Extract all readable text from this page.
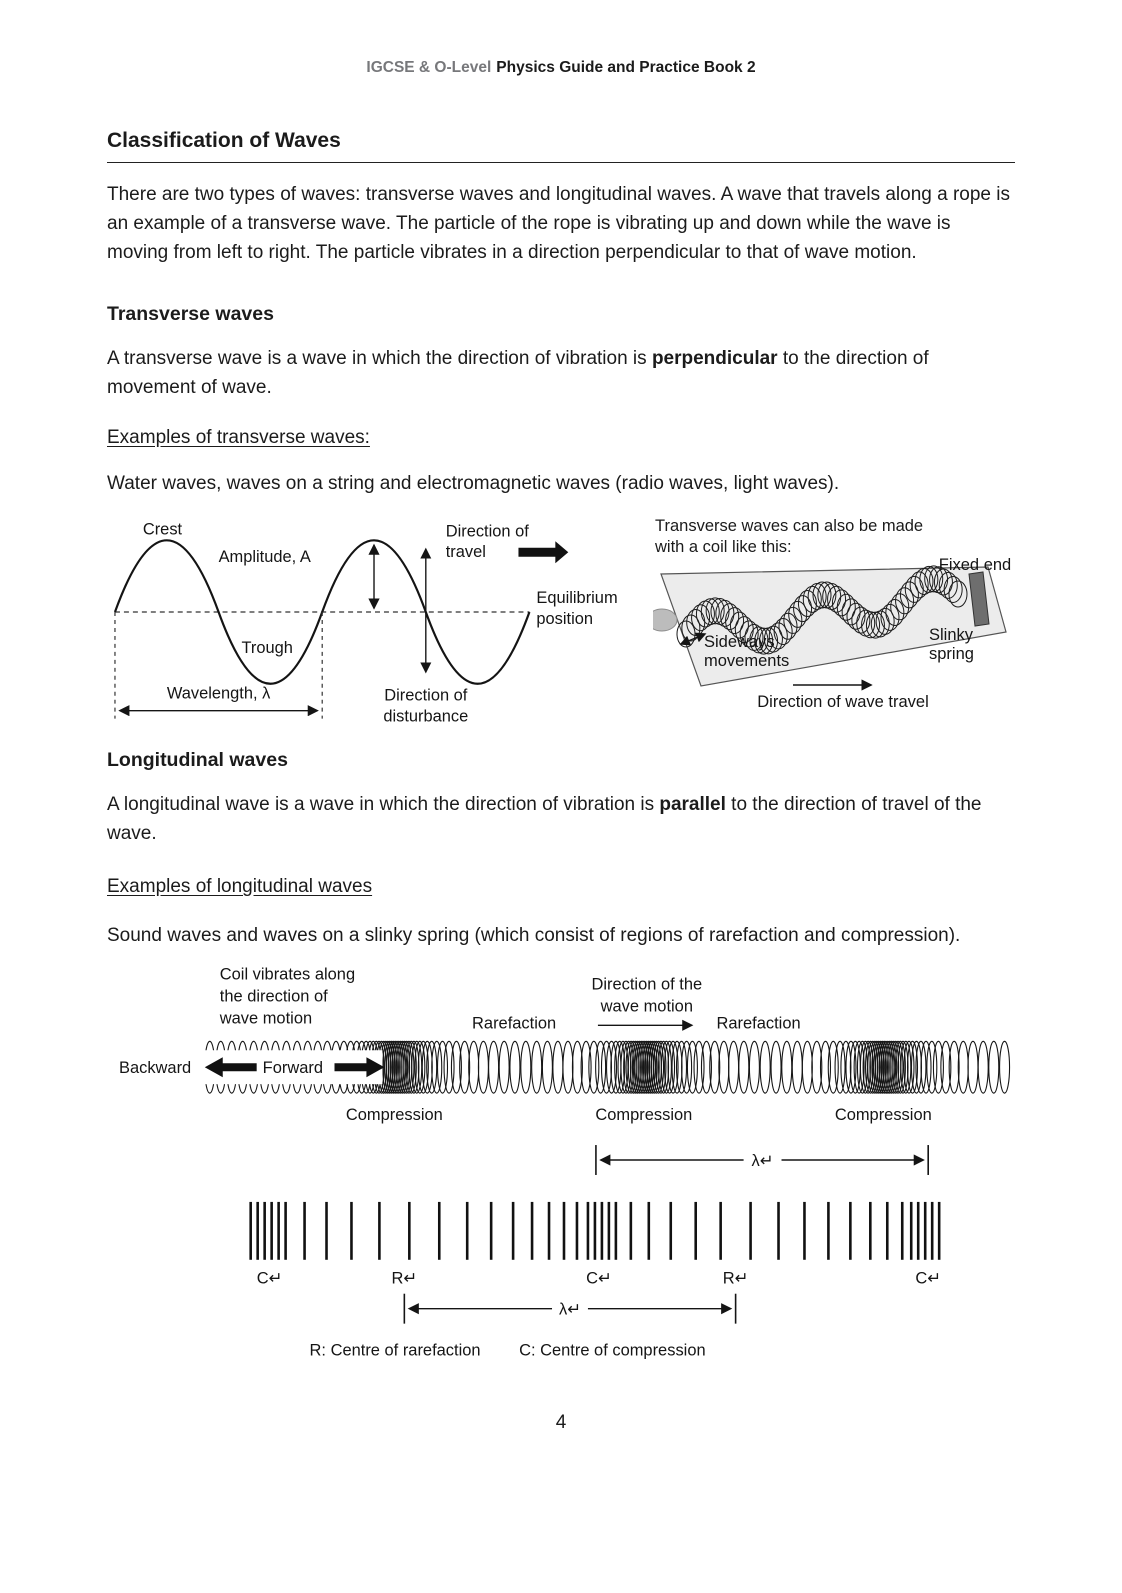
IGCSE & O-Level Physics Guide and Practice Book 2
Classification of Waves

There are two types of waves: transverse waves and longitudinal waves. A wave that travels along a rope is an example of a transverse wave. The particle of the rope is vibrating up and down while the wave is moving from left to right. The particle vibrates in a direction perpendicular to that of wave motion.

Transverse waves

A transverse wave is a wave in which the direction of vibration is perpendicular to the direction of movement of wave.

Examples of transverse waves:

Water waves, waves on a string and electromagnetic waves (radio waves, light waves).

Crest
Amplitude, A
Trough
Wavelength, λ
Direction of
travel
Direction of
disturbance
Equilibrium
position

Transverse waves can also be made
with a coil like this:

Fixed end
Sideways
movements
Slinky
spring
Direction of wave travel
Longitudinal waves

A longitudinal wave is a wave in which the direction of vibration is parallel to the direction of travel of the wave.

Examples of longitudinal waves

Sound waves and waves on a slinky spring (which consist of regions of rarefaction and compression).

Backward	Forward
Coil vibrates along
the direction of
wave motion
Direction of the
wave motion
Rarefaction	Rarefaction
Compression	Compression	Compression
λ↵
C↵	R↵	C↵	R↵	C↵
λ↵
R: Centre of rarefaction C: Centre of compression
4
